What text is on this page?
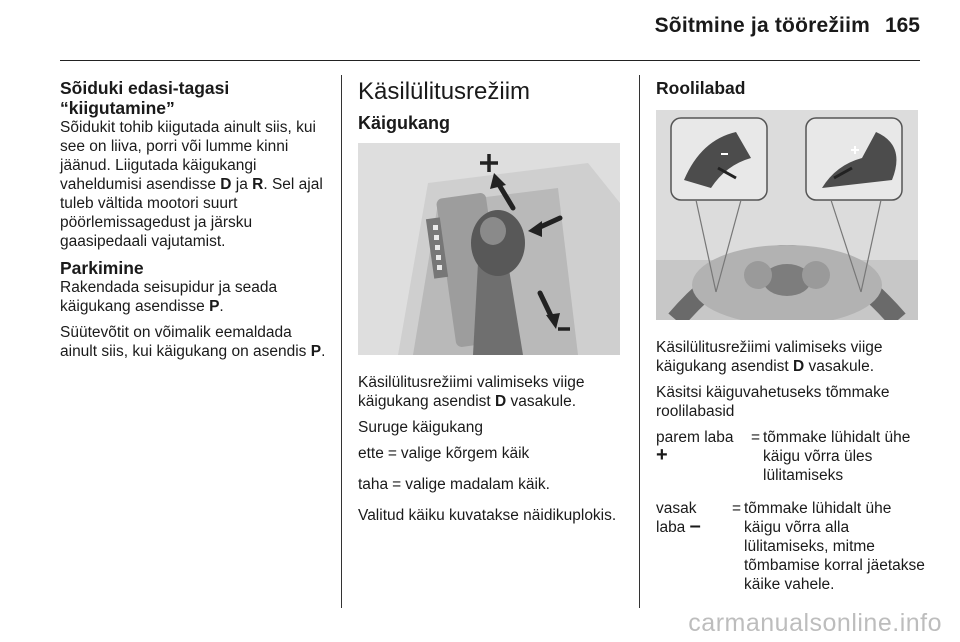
Sõitmine ja töörežiim 165
Sõiduki edasi-tagasi “kiigutamine”

Sõidukit tohib kiigutada ainult siis, kui see on liiva, porri või lumme kinni jäänud. Liigutada käigukangi vaheldumisi asendisse D ja R. Sel ajal tuleb vältida mootori suurt pöörlemissagedust ja järsku gaasipedaali vajutamist.

Parkimine

Rakendada seisupidur ja seada käigukang asendisse P.

Süütevõtit on võimalik eemaldada ainult siis, kui käigukang on asendis P.

Käsilülitusrežiim
Käigukang

Käsilülitusrežiimi valimiseks viige käigukang asendist D vasakule.

Suruge käigukang

ette = valige kõrgem käik
taha = valige madalam käik.

Valitud käiku kuvatakse näidikuplokis.

Roolilabad

Käsilülitusrežiimi valimiseks viige käigukang asendist D vasakule.

Käsitsi käiguvahetuseks tõmmake roolilabasid

parem laba
+
= tõmmake lühidalt ühe käigu võrra üles lülitamiseks
vasak
laba –
= tõmmake lühidalt ühe käigu võrra alla lülitamiseks, mitme tõmbamise korral jäetakse käike vahele.
carmanualsonline.info
